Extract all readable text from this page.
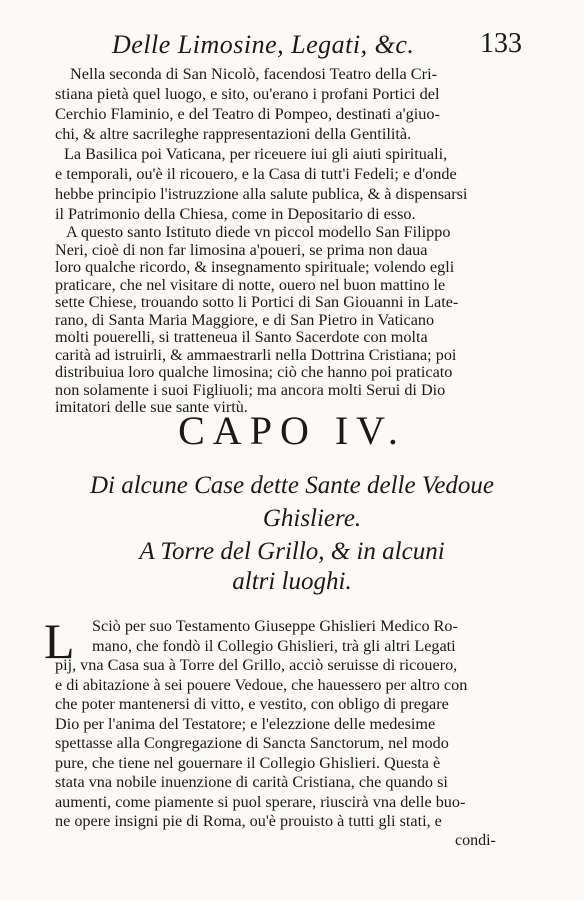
Delle Limosine, Legati, &c. 133
Nella seconda di San Nicolò, facendosi Teatro della Cri-
stiana pietà quel luogo, e sito, ou'erano i profani Portici del
Cerchio Flaminio, e del Teatro di Pompeo, destinati a'giuo-
chi, & altre sacrileghe rappresentazioni della Gentilità.
La Basilica poi Vaticana, per riceuere iui gli aiuti spirituali,
e temporali, ou'è il ricouero, e la Casa di tutt'i Fedeli; e d'onde
hebbe principio l'istruzzione alla salute publica, & à dispensarsi
il Patrimonio della Chiesa, come in Depositario di esso.
A questo santo Istituto diede vn piccol modello San Filippo
Neri, cioè di non far limosina a'poueri, se prima non daua
loro qualche ricordo, & insegnamento spirituale; volendo egli
praticare, che nel visitare di notte, ouero nel buon mattino le
sette Chiese, trouando sotto li Portici di San Giouanni in Late-
rano, di Santa Maria Maggiore, e di San Pietro in Vaticano
molti pouerelli, si tratteneua il Santo Sacerdote con molta
carità ad istruirli, & ammaestrarli nella Dottrina Cristiana; poi
distribuiua loro qualche limosina; ciò che hanno poi praticato
non solamente i suoi Figliuoli; ma ancora molti Serui di Dio
imitatori delle sue sante virtù.
CAPO IV.
Di alcune Case dette Sante delle Vedoue
Ghisliere.
A Torre del Grillo, & in alcuni
altri luoghi.
L Sciò per suo Testamento Giuseppe Ghislieri Medico Ro-
mano, che fondò il Collegio Ghislieri, trà gli altri Legati
pij, vna Casa sua à Torre del Grillo, acciò seruisse di ricouero,
e di abitazione à sei pouere Vedoue, che hauessero per altro con
che poter mantenersi di vitto, e vestito, con obligo di pregare
Dio per l'anima del Testatore; e l'elezzione delle medesime
spettasse alla Congregazione di Sancta Sanctorum, nel modo
pure, che tiene nel gouernare il Collegio Ghislieri. Questa è
stata vna nobile inuenzione di carità Cristiana, che quando si
aumenti, come piamente si puol sperare, riuscirà vna delle buo-
ne opere insigni pie di Roma, ou'è prouisto à tutti gli stati, e
condi-
